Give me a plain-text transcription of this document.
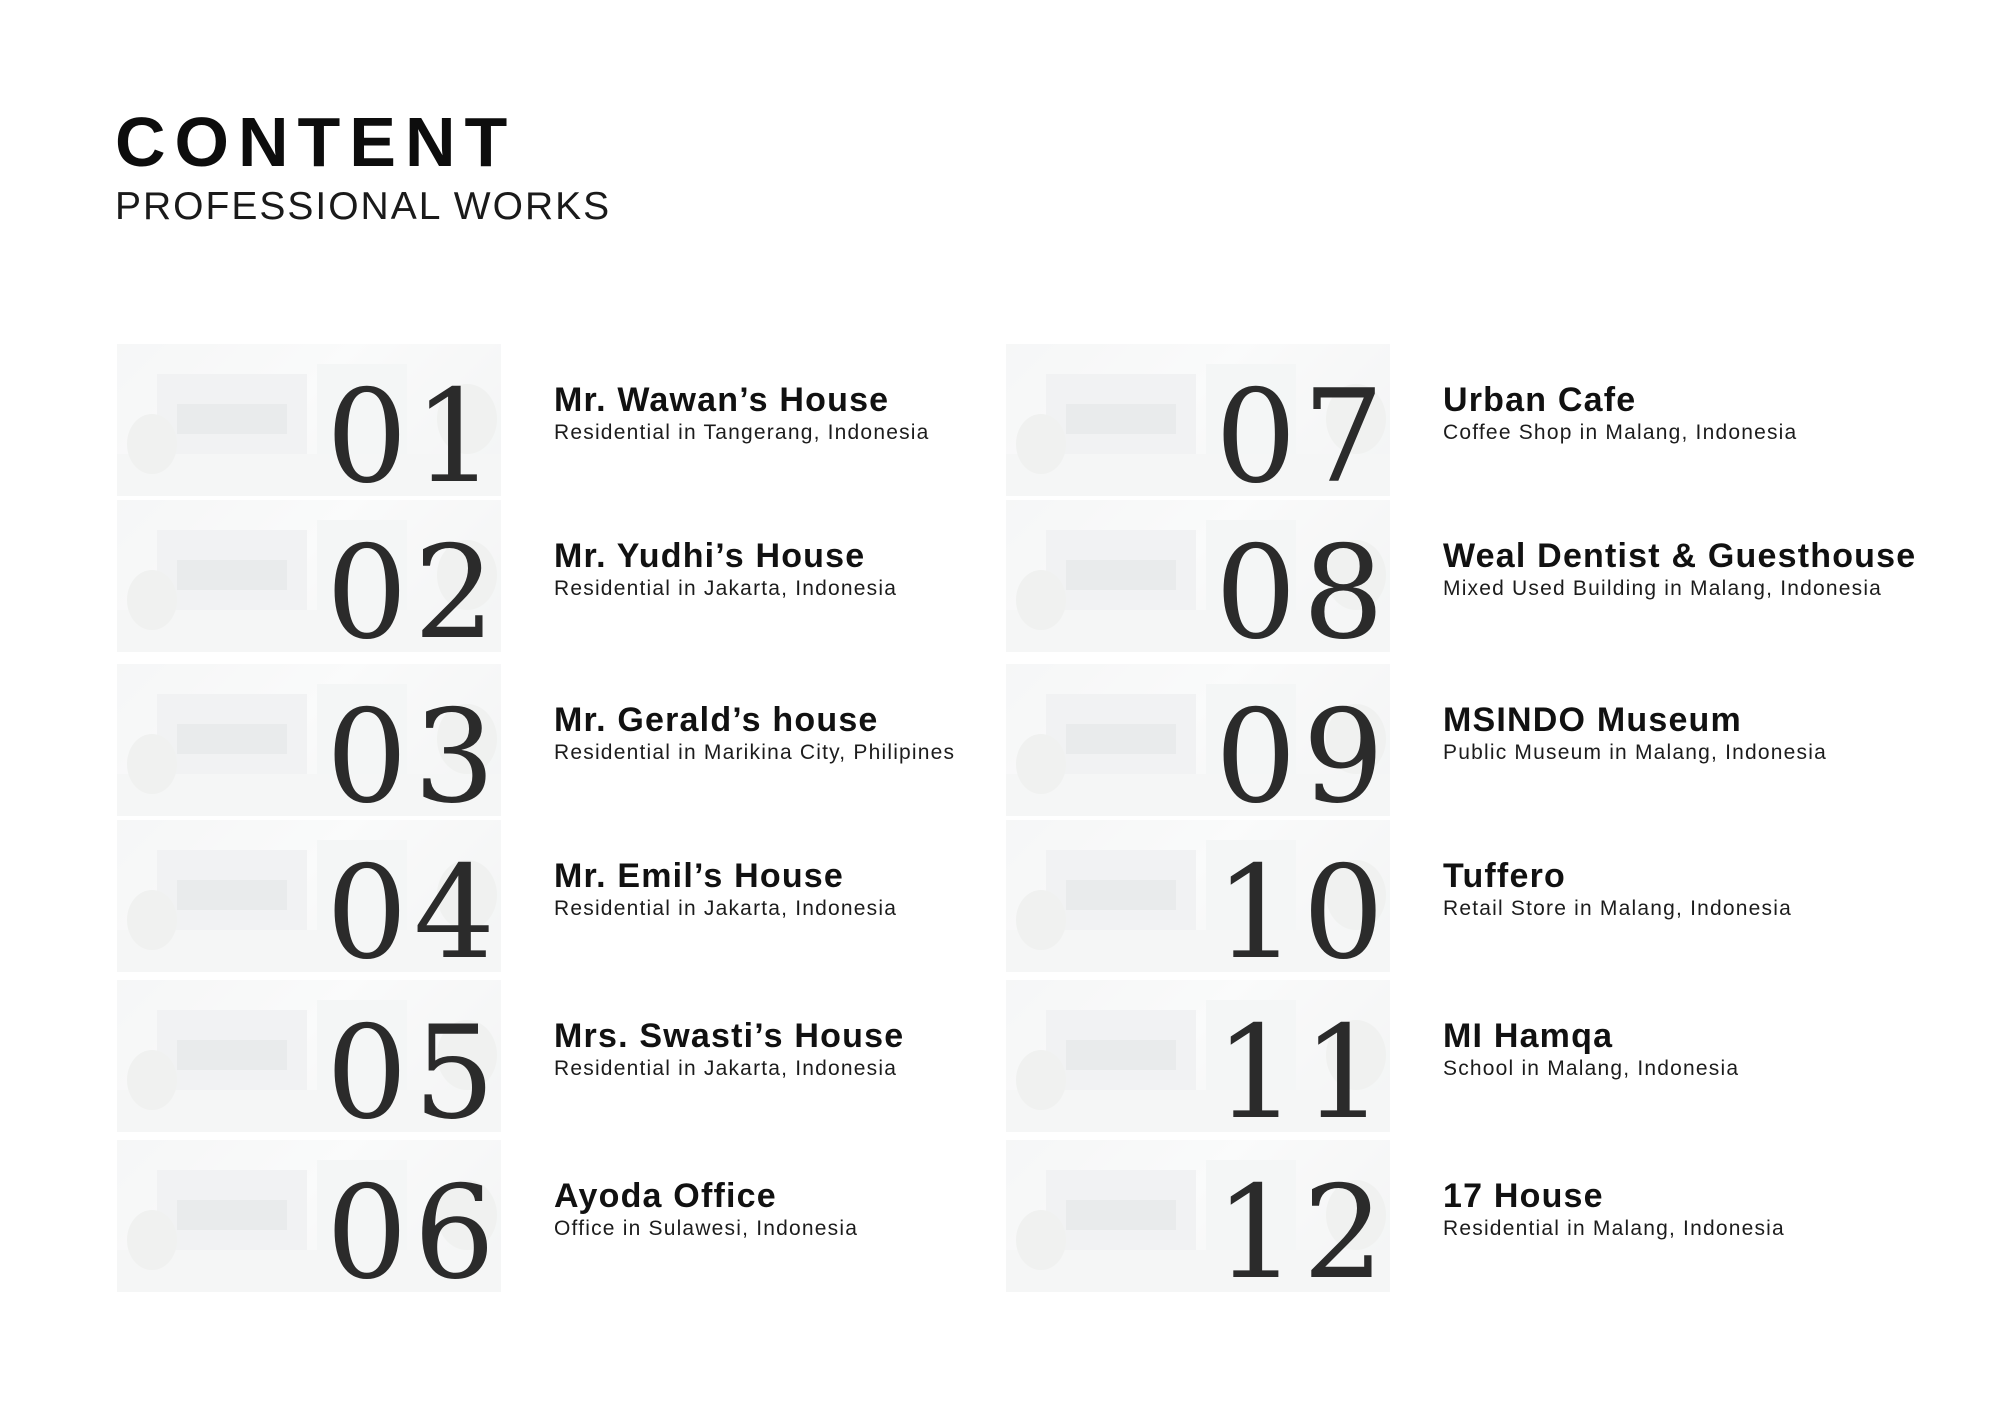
CONTENT
PROFESSIONAL WORKS
01 Mr. Wawan’s House
Residential in Tangerang, Indonesia
02 Mr. Yudhi’s House
Residential in Jakarta, Indonesia
03 Mr. Gerald’s house
Residential in Marikina City, Philipines
04 Mr. Emil’s House
Residential in Jakarta, Indonesia
05 Mrs. Swasti’s House
Residential in Jakarta, Indonesia
06 Ayoda Office
Office in Sulawesi, Indonesia
07 Urban Cafe
Coffee Shop in Malang, Indonesia
08 Weal Dentist & Guesthouse
Mixed Used Building in Malang, Indonesia
09 MSINDO Museum
Public Museum in Malang, Indonesia
10 Tuffero
Retail Store in Malang, Indonesia
11 MI Hamqa
School in Malang, Indonesia
12 17 House
Residential in Malang, Indonesia
